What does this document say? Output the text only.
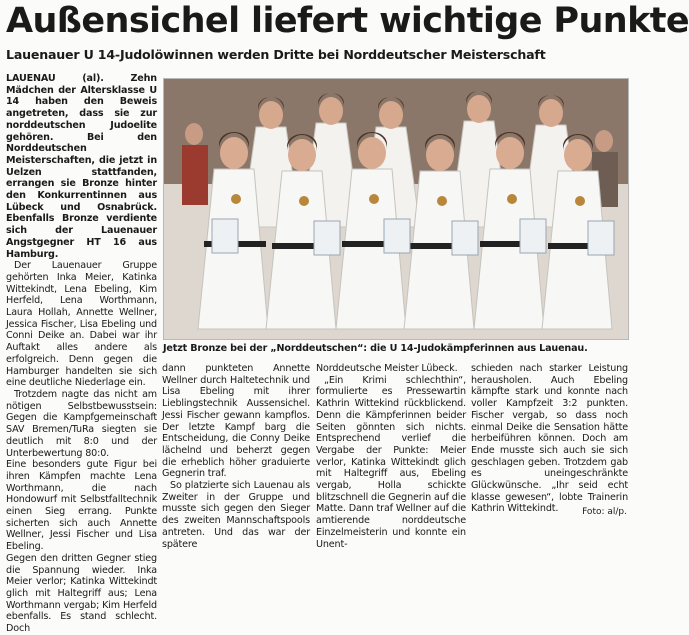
Außensichel liefert wichtige Punkte
Lauenauer U 14-Judolöwinnen werden Dritte bei Norddeutscher Meisterschaft

LAUENAU (al). Zehn Mädchen der Altersklasse U 14 haben den Beweis angetreten, dass sie zur norddeutschen Judoelite gehören. Bei den Norddeutschen Meisterschaften, die jetzt in Uelzen stattfanden, errangen sie Bronze hinter den Konkurrentinnen aus Lübeck und Osnabrück. Ebenfalls Bronze verdiente sich der Lauenauer Angstgegner HT 16 aus Hamburg.

Der Lauenauer Gruppe gehörten Inka Meier, Katinka Wittekindt, Lena Ebeling, Kim Herfeld, Lena Worthmann, Laura Hollah, Annette Wellner, Jessica Fischer, Lisa Ebeling und Conni Deike an. Dabei war ihr Auftakt alles andere als erfolgreich. Denn gegen die Hamburger handelten sie sich eine deutliche Niederlage ein.

Trotzdem nagte das nicht am nötigen Selbstbewusstsein: Gegen die Kampfgemeinschaft SAV Bremen/TuRa siegten sie deutlich mit 8:0 und der Unterbewertung 80:0.

Eine besonders gute Figur bei ihren Kämpfen machte Lena Worthmann, die nach Hondowurf mit Selbstfalltechnik einen Sieg errang. Punkte sicherten sich auch Annette Wellner, Jessi Fischer und Lisa Ebeling.

Gegen den dritten Gegner stieg die Spannung wieder. Inka Meier verlor; Katinka Wittekindt glich mit Haltegriff aus; Lena Worthmann vergab; Kim Herfeld ebenfalls. Es stand schlecht. Doch

Jetzt Bronze bei der „Norddeutschen“: die U 14-Judokämpferinnen aus Lauenau.

dann punkteten Annette Wellner durch Haltetechnik und Lisa Ebeling mit ihrer Lieblingstechnik Aussensichel. Jessi Fischer gewann kampflos. Der letzte Kampf barg die Entscheidung, die Conny Deike lächelnd und beherzt gegen die erheblich höher graduierte Gegnerin traf.

So platzierte sich Lauenau als Zweiter in der Gruppe und musste sich gegen den Sieger des zweiten Mannschaftspools antreten. Und das war der spätere

Norddeutsche Meister Lübeck.

„Ein Krimi schlechthin“, formulierte es Pressewartin Kathrin Wittekind rückblickend. Denn die Kämpferinnen beider Seiten gönnten sich nichts. Entsprechend verlief die Vergabe der Punkte: Meier verlor, Katinka Wittekindt glich mit Haltegriff aus, Ebeling vergab, Holla schickte blitzschnell die Gegnerin auf die Matte. Dann traf Wellner auf die amtierende norddeutsche Einzelmeisterin und konnte ein Unent-

schieden nach starker Leistung herausholen. Auch Ebeling kämpfte stark und konnte nach voller Kampfzeit 3:2 punkten. Fischer vergab, so dass noch einmal Deike die Sensation hätte herbeiführen können. Doch am Ende musste sich auch sie sich geschlagen geben. Trotzdem gab es uneingeschränkte Glückwünsche. „Ihr seid echt klasse gewesen“, lobte Trainerin Kathrin Wittekindt.	Foto: al/p.
